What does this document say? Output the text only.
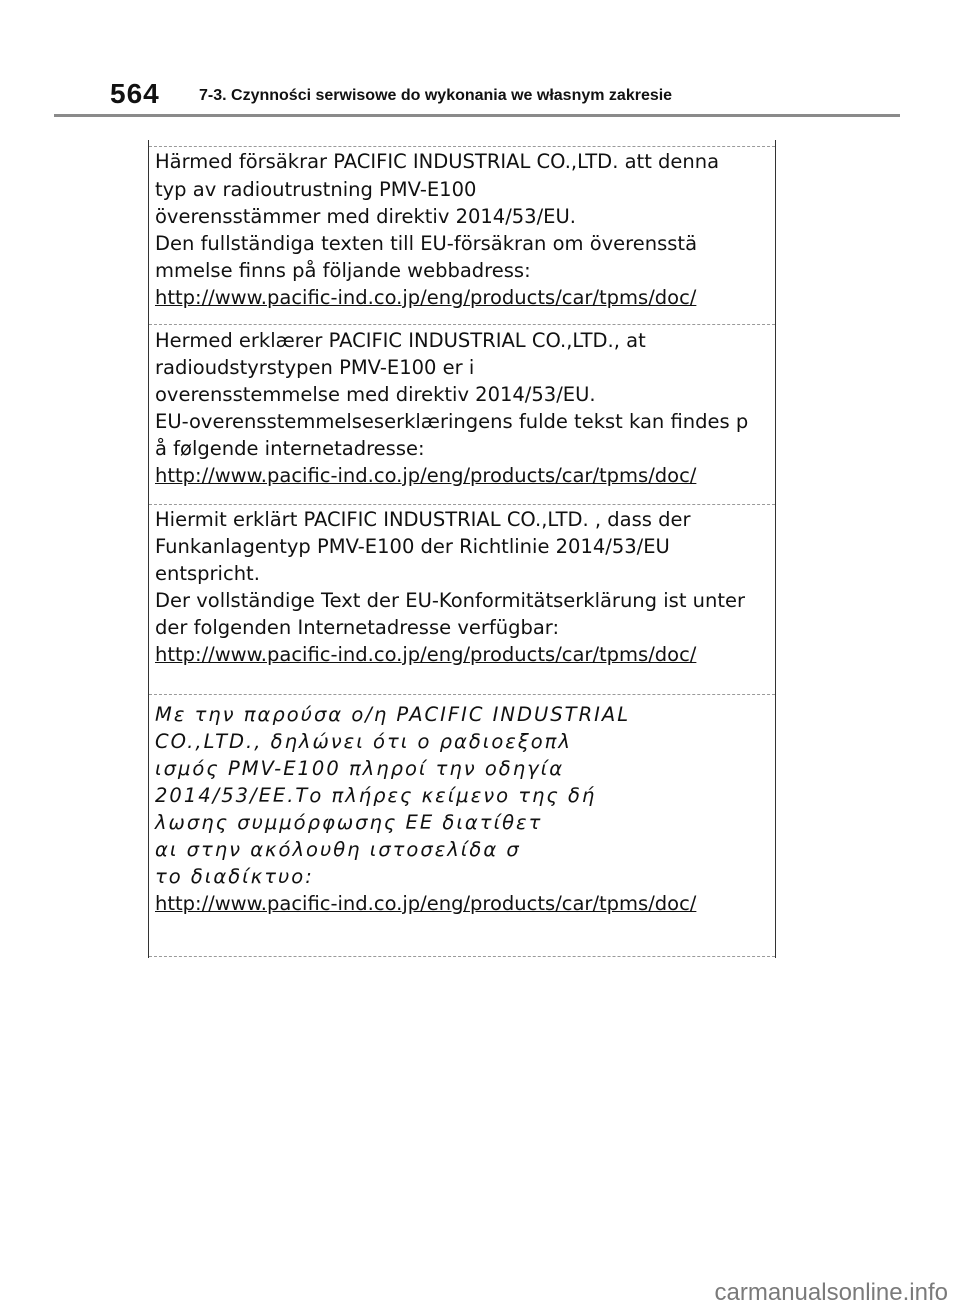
564 7-3. Czynności serwisowe do wykonania we własnym zakresie
Härmed försäkrar PACIFIC INDUSTRIAL CO.,LTD. att denna
typ av radioutrustning PMV-E100
överensstämmer med direktiv 2014/53/EU.
Den fullständiga texten till EU-försäkran om överensstä
mmelse finns på följande webbadress:
http://www.pacific-ind.co.jp/eng/products/car/tpms/doc/
Hermed erklærer PACIFIC INDUSTRIAL CO.,LTD., at
radioudstyrstypen PMV-E100 er i
overensstemmelse med direktiv 2014/53/EU.
EU-overensstemmelseserklæringens fulde tekst kan findes p
å følgende internetadresse:
http://www.pacific-ind.co.jp/eng/products/car/tpms/doc/
Hiermit erklärt PACIFIC INDUSTRIAL CO.,LTD. , dass der
Funkanlagentyp PMV-E100 der Richtlinie 2014/53/EU
entspricht.
Der vollständige Text der EU-Konformitätserklärung ist unter
der folgenden Internetadresse verfügbar:
http://www.pacific-ind.co.jp/eng/products/car/tpms/doc/
Με την παρούσα ο/η PACIFIC INDUSTRIAL
CO.,LTD., δηλώνει ότι ο ραδιοεξοπλ
ισμός PMV-E100 πληροί την οδηγία
2014/53/ΕΕ.Το πλήρες κείμενο της δή
λωσης συμμόρφωσης ΕΕ διατίθετ
αι στην ακόλουθη ιστοσελίδα σ
το διαδίκτυο:
http://www.pacific-ind.co.jp/eng/products/car/tpms/doc/
carmanualsonline.info
